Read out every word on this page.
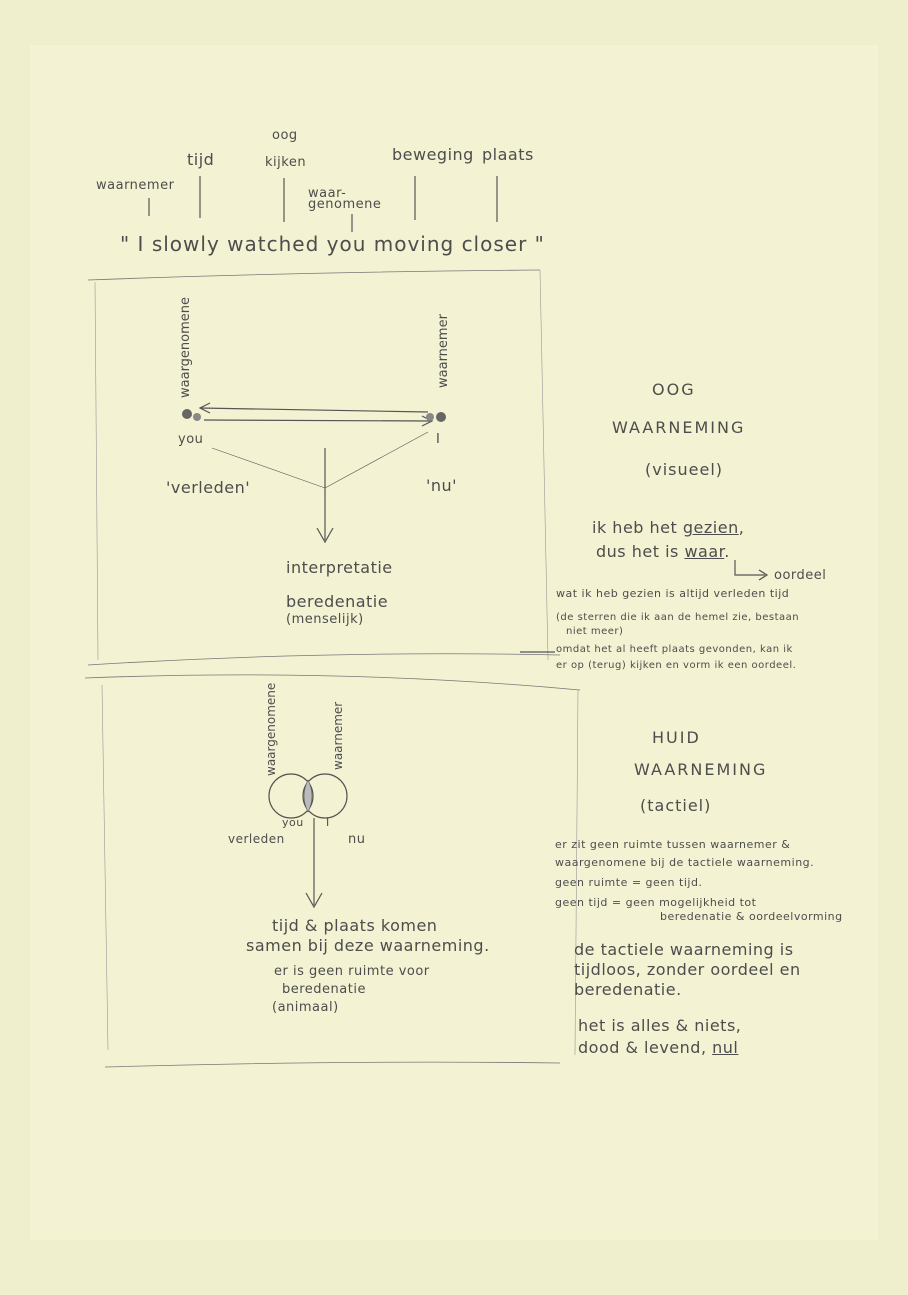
waarnemer
tijd
oog
kijken
waar-
genomene
beweging plaats
" I slowly watched you moving closer "
waargenomene	waarnemer
you	I
'verleden'	'nu'
interpretatie
beredenatie
(menselijk)
OOG
WAARNEMING
(visueel)
ik heb het gezien,
dus het is waar.
oordeel
wat ik heb gezien is altijd verleden tijd
(de sterren die ik aan de hemel zie, bestaan
niet meer)
omdat het al heeft plaats gevonden, kan ik
er op (terug) kijken en vorm ik een oordeel.
waargenomene	waarnemer
you I
verleden	nu
tijd & plaats komen
samen bij deze waarneming.
er is geen ruimte voor
beredenatie
(animaal)
HUID
WAARNEMING
(tactiel)
er zit geen ruimte tussen waarnemer &
waargenomene bij de tactiele waarneming.
geen ruimte = geen tijd.
geen tijd = geen mogelijkheid tot
beredenatie & oordeelvorming
de tactiele waarneming is
tijdloos, zonder oordeel en
beredenatie.
het is alles & niets,
dood & levend, nul
